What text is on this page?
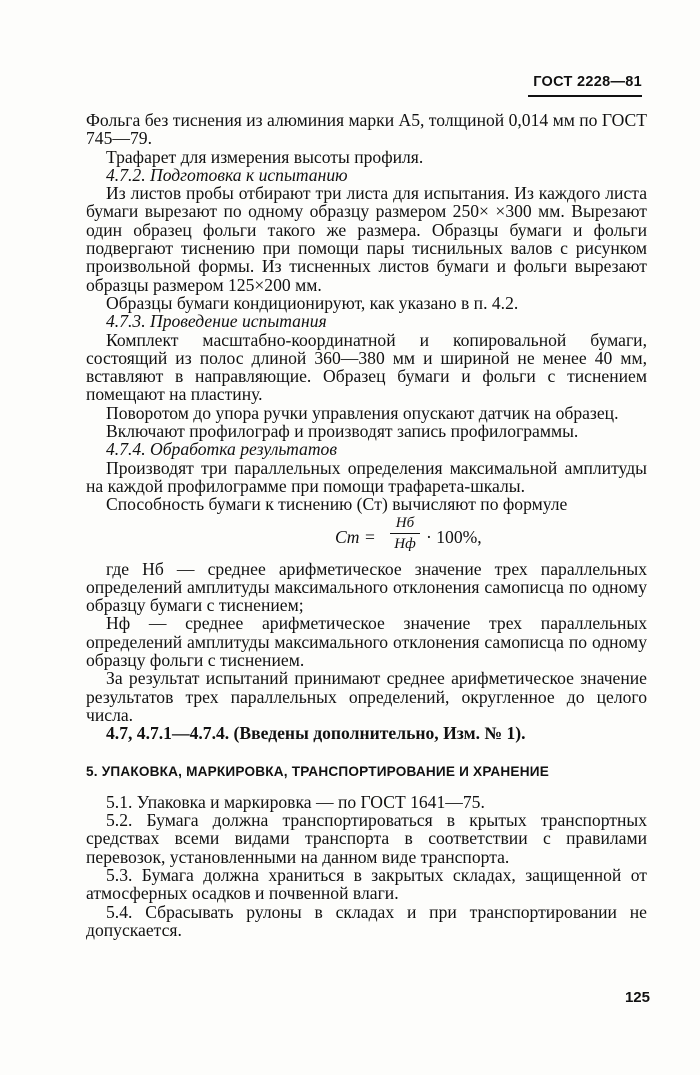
ГОСТ 2228—81

Фольга без тиснения из алюминия марки А5, толщиной 0,014 мм по ГОСТ 745—79.

Трафарет для измерения высоты профиля.

4.7.2. Подготовка к испытанию

Из листов пробы отбирают три листа для испытания. Из каждого листа бумаги вырезают по одному образцу размером 250× ×300 мм. Вырезают один образец фольги такого же размера. Образцы бумаги и фольги подвергают тиснению при помощи пары тиснильных валов с рисунком произвольной формы. Из тисненных листов бумаги и фольги вырезают образцы размером 125×200 мм.

Образцы бумаги кондиционируют, как указано в п. 4.2.

4.7.3. Проведение испытания

Комплект масштабно-координатной и копировальной бумаги, состоящий из полос длиной 360—380 мм и шириной не менее 40 мм, вставляют в направляющие. Образец бумаги и фольги с тиснением помещают на пластину.

Поворотом до упора ручки управления опускают датчик на образец.

Включают профилограф и производят запись профилограммы.

4.7.4. Обработка результатов

Производят три параллельных определения максимальной амплитуды на каждой профилограмме при помощи трафарета-шкалы.

Способность бумаги к тиснению (Cт) вычисляют по формуле

Cт =
Hб
Hф · 100%,

где Hб — среднее арифметическое значение трех параллельных определений амплитуды максимального отклонения самописца по одному образцу бумаги с тиснением;

Hф — среднее арифметическое значение трех параллельных определений амплитуды максимального отклонения самописца по одному образцу фольги с тиснением.

За результат испытаний принимают среднее арифметическое значение результатов трех параллельных определений, округленное до целого числа.

4.7, 4.7.1—4.7.4. (Введены дополнительно, Изм. № 1).

5. УПАКОВКА, МАРКИРОВКА, ТРАНСПОРТИРОВАНИЕ И ХРАНЕНИЕ

5.1. Упаковка и маркировка — по ГОСТ 1641—75.

5.2. Бумага должна транспортироваться в крытых транспортных средствах всеми видами транспорта в соответствии с правилами перевозок, установленными на данном виде транспорта.

5.3. Бумага должна храниться в закрытых складах, защищенной от атмосферных осадков и почвенной влаги.

5.4. Сбрасывать рулоны в складах и при транспортировании не допускается.

125
